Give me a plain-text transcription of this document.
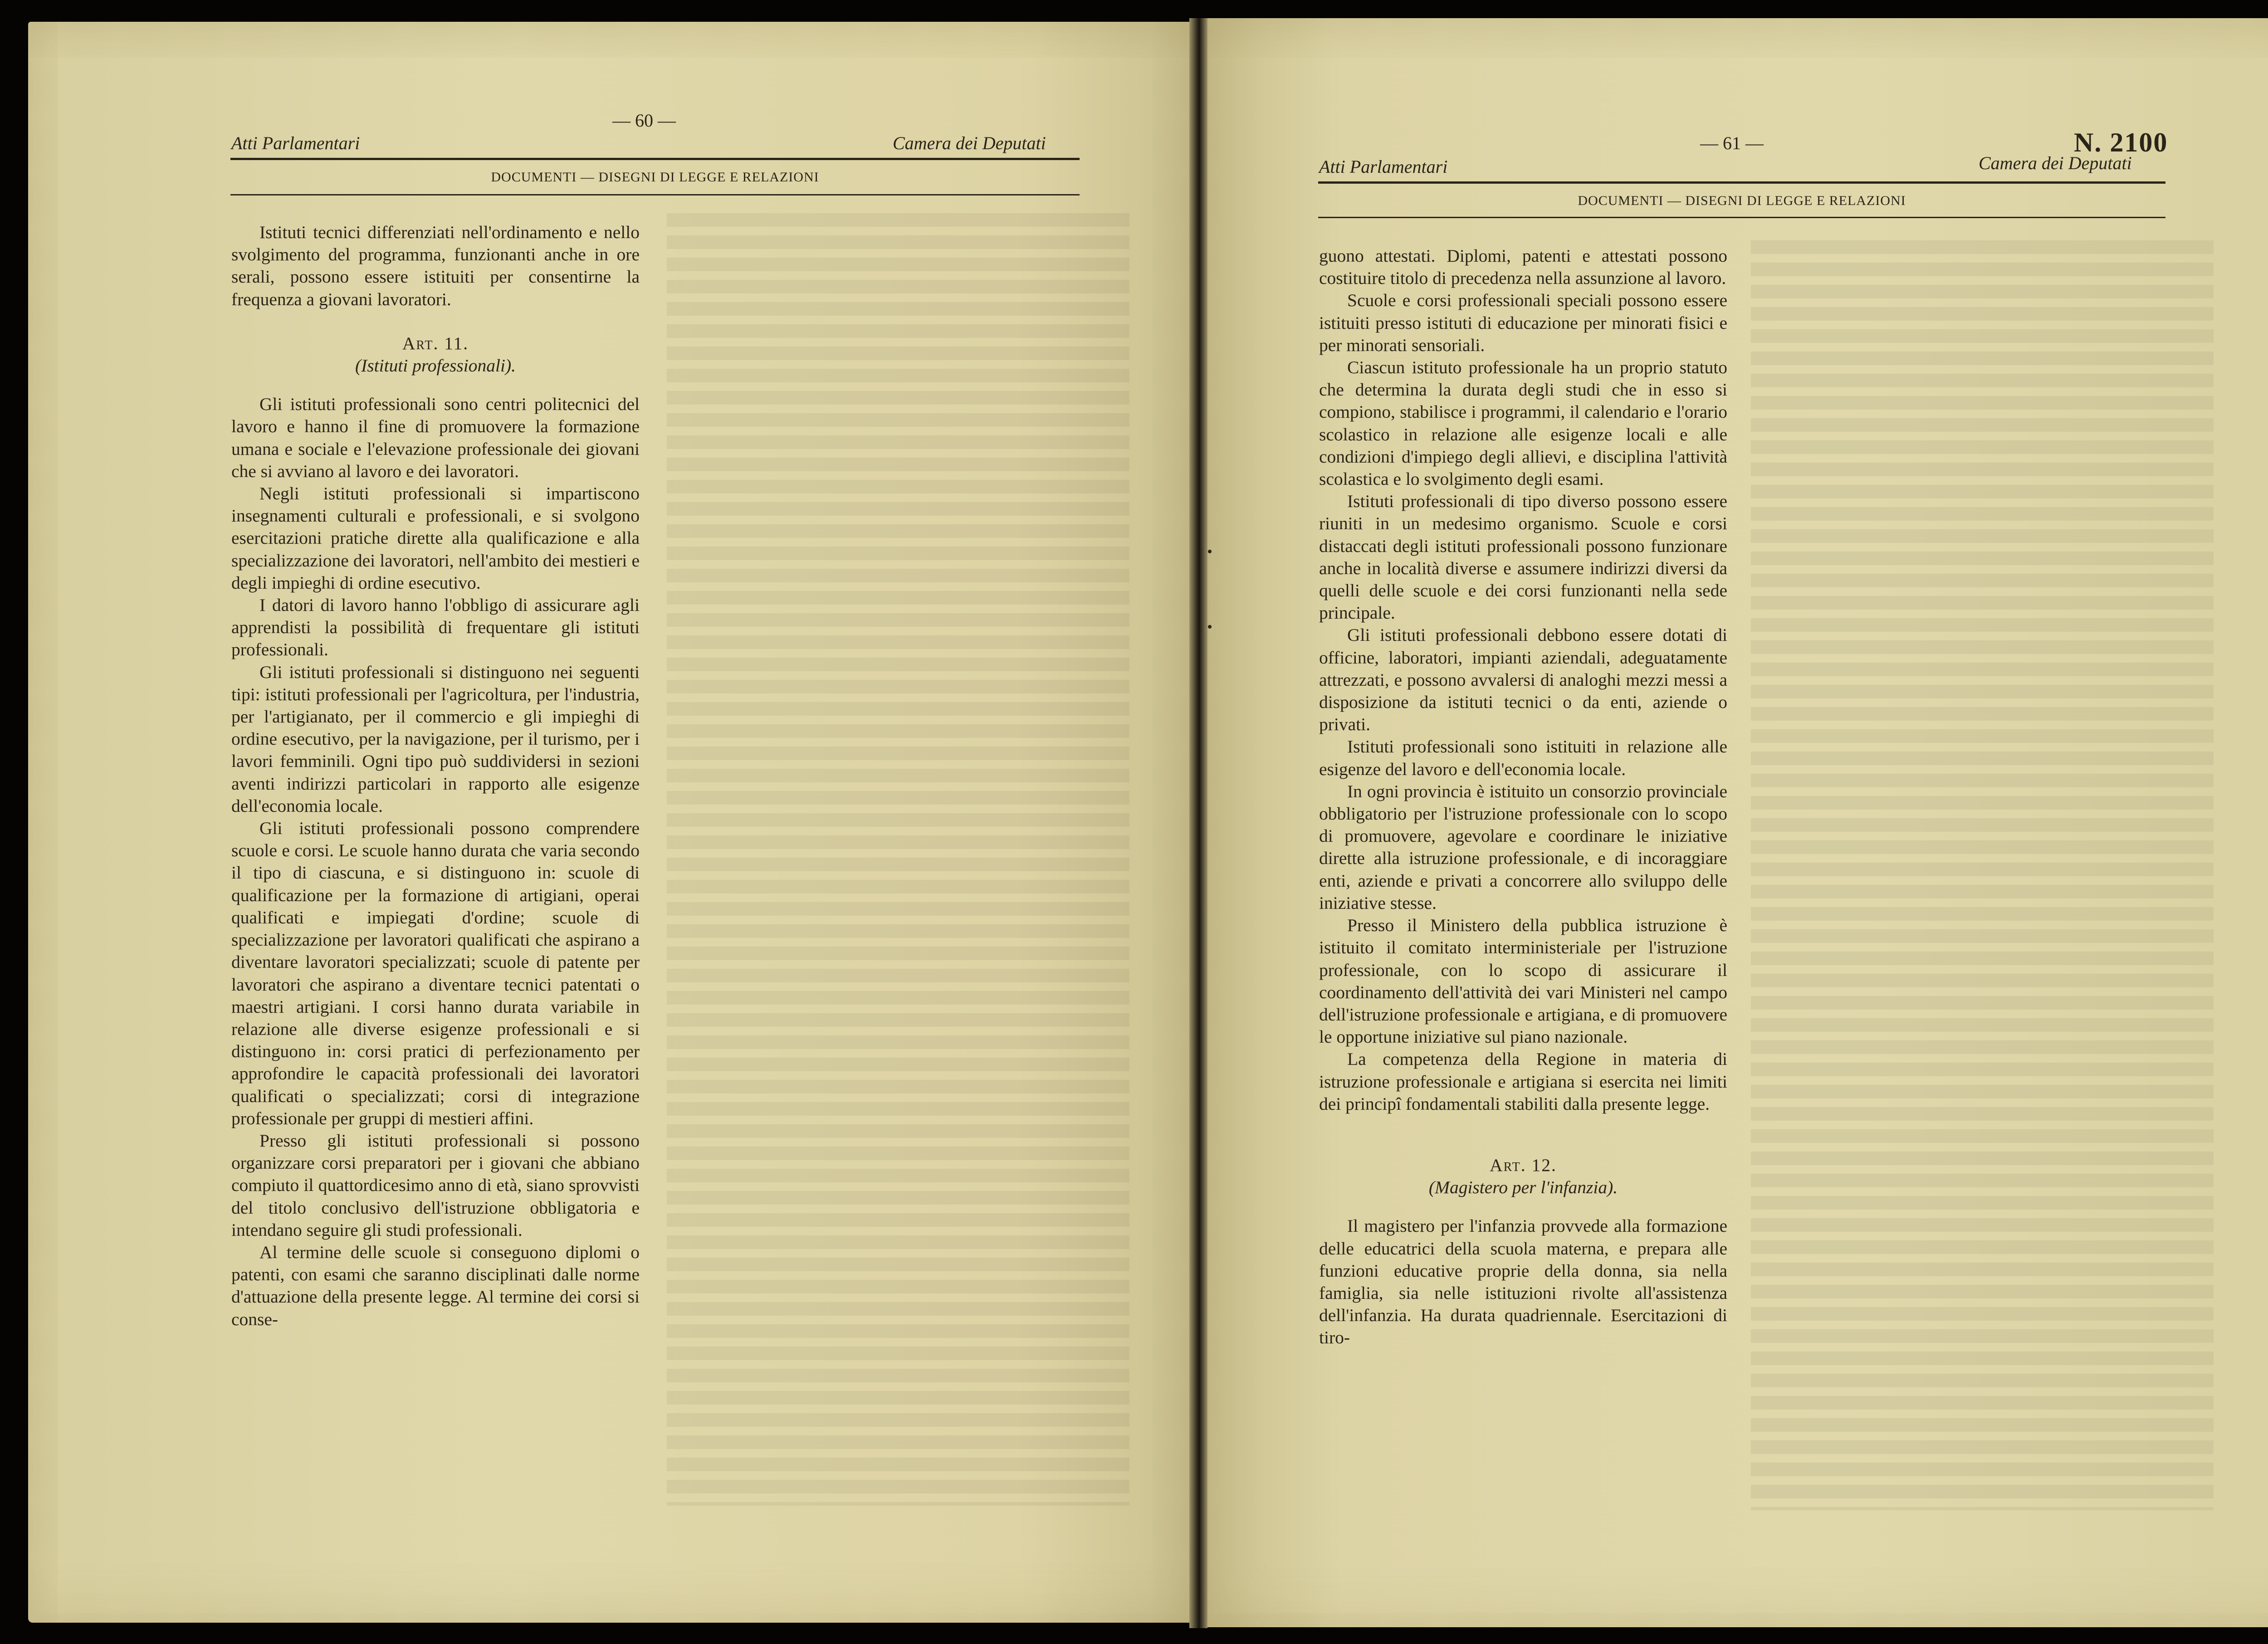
Atti Parlamentari
— 60 —
Camera dei Deputati
DOCUMENTI — DISEGNI DI LEGGE E RELAZIONI

Istituti tecnici differenziati nell'ordinamento e nello svolgimento del programma, funzionanti anche in ore serali, possono essere istituiti per consentirne la frequenza a giovani lavoratori.

Art. 11.

(Istituti professionali).

Gli istituti professionali sono centri politecnici del lavoro e hanno il fine di promuovere la formazione umana e sociale e l'elevazione professionale dei giovani che si avviano al lavoro e dei lavoratori.

Negli istituti professionali si impartiscono insegnamenti culturali e professionali, e si svolgono esercitazioni pratiche dirette alla qualificazione e alla specializzazione dei lavoratori, nell'ambito dei mestieri e degli impieghi di ordine esecutivo.

I datori di lavoro hanno l'obbligo di assicurare agli apprendisti la possibilità di frequentare gli istituti professionali.

Gli istituti professionali si distinguono nei seguenti tipi: istituti professionali per l'agricoltura, per l'industria, per l'artigianato, per il commercio e gli impieghi di ordine esecutivo, per la navigazione, per il turismo, per i lavori femminili. Ogni tipo può suddividersi in sezioni aventi indirizzi particolari in rapporto alle esigenze dell'economia locale.

Gli istituti professionali possono comprendere scuole e corsi. Le scuole hanno durata che varia secondo il tipo di ciascuna, e si distinguono in: scuole di qualificazione per la formazione di artigiani, operai qualificati e impiegati d'ordine; scuole di specializzazione per lavoratori qualificati che aspirano a diventare lavoratori specializzati; scuole di patente per lavoratori che aspirano a diventare tecnici patentati o maestri artigiani. I corsi hanno durata variabile in relazione alle diverse esigenze professionali e si distinguono in: corsi pratici di perfezionamento per approfondire le capacità professionali dei lavoratori qualificati o specializzati; corsi di integrazione professionale per gruppi di mestieri affini.

Presso gli istituti professionali si possono organizzare corsi preparatori per i giovani che abbiano compiuto il quattordicesimo anno di età, siano sprovvisti del titolo conclusivo dell'istruzione obbligatoria e intendano seguire gli studi professionali.

Al termine delle scuole si conseguono diplomi o patenti, con esami che saranno disciplinati dalle norme d'attuazione della presente legge. Al termine dei corsi si conse-

— 61 —	N. 2100
Atti Parlamentari	Camera dei Deputati
DOCUMENTI — DISEGNI DI LEGGE E RELAZIONI

guono attestati. Diplomi, patenti e attestati possono costituire titolo di precedenza nella assunzione al lavoro.

Scuole e corsi professionali speciali possono essere istituiti presso istituti di educazione per minorati fisici e per minorati sensoriali.

Ciascun istituto professionale ha un proprio statuto che determina la durata degli studi che in esso si compiono, stabilisce i programmi, il calendario e l'orario scolastico in relazione alle esigenze locali e alle condizioni d'impiego degli allievi, e disciplina l'attività scolastica e lo svolgimento degli esami.

Istituti professionali di tipo diverso possono essere riuniti in un medesimo organismo. Scuole e corsi distaccati degli istituti professionali possono funzionare anche in località diverse e assumere indirizzi diversi da quelli delle scuole e dei corsi funzionanti nella sede principale.

Gli istituti professionali debbono essere dotati di officine, laboratori, impianti aziendali, adeguatamente attrezzati, e possono avvalersi di analoghi mezzi messi a disposizione da istituti tecnici o da enti, aziende o privati.

Istituti professionali sono istituiti in relazione alle esigenze del lavoro e dell'economia locale.

In ogni provincia è istituito un consorzio provinciale obbligatorio per l'istruzione professionale con lo scopo di promuovere, agevolare e coordinare le iniziative dirette alla istruzione professionale, e di incoraggiare enti, aziende e privati a concorrere allo sviluppo delle iniziative stesse.

Presso il Ministero della pubblica istruzione è istituito il comitato interministeriale per l'istruzione professionale, con lo scopo di assicurare il coordinamento dell'attività dei vari Ministeri nel campo dell'istruzione professionale e artigiana, e di promuovere le opportune iniziative sul piano nazionale.

La competenza della Regione in materia di istruzione professionale e artigiana si esercita nei limiti dei principî fondamentali stabiliti dalla presente legge.

Art. 12.

(Magistero per l'infanzia).

Il magistero per l'infanzia provvede alla formazione delle educatrici della scuola materna, e prepara alle funzioni educative proprie della donna, sia nella famiglia, sia nelle istituzioni rivolte all'assistenza dell'infanzia. Ha durata quadriennale. Esercitazioni di tiro-
